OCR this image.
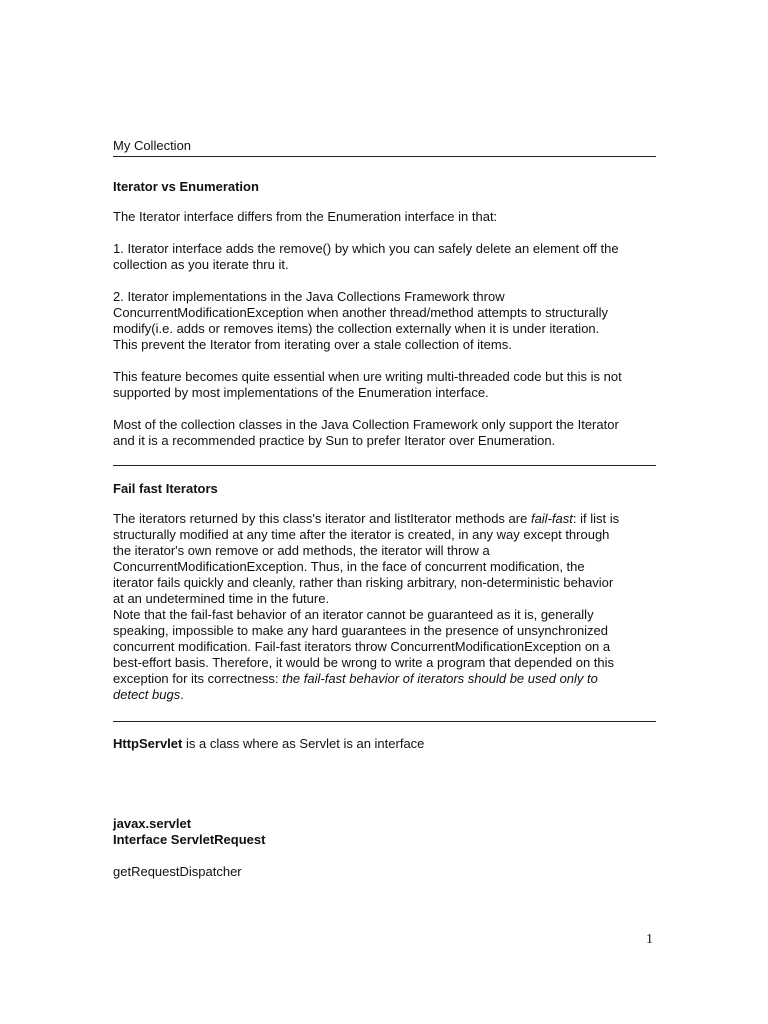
My Collection

Iterator vs Enumeration

The Iterator interface differs from the Enumeration interface in that:

1. Iterator interface adds the remove() by which you can safely delete an element off the

collection as you iterate thru it.

2. Iterator implementations in the Java Collections Framework throw

ConcurrentModificationException when another thread/method attempts to structurally

modify(i.e. adds or removes items) the collection externally when it is under iteration.

This prevent the Iterator from iterating over a stale collection of items.

This feature becomes quite essential when ure writing multi-threaded code but this is not

supported by most implementations of the Enumeration interface.

Most of the collection classes in the Java Collection Framework only support the Iterator

and it is a recommended practice by Sun to prefer Iterator over Enumeration.

Fail fast Iterators

The iterators returned by this class's iterator and listIterator methods are fail-fast: if list is

structurally modified at any time after the iterator is created, in any way except through

the iterator's own remove or add methods, the iterator will throw a

ConcurrentModificationException. Thus, in the face of concurrent modification, the

iterator fails quickly and cleanly, rather than risking arbitrary, non-deterministic behavior

at an undetermined time in the future.

Note that the fail-fast behavior of an iterator cannot be guaranteed as it is, generally

speaking, impossible to make any hard guarantees in the presence of unsynchronized

concurrent modification. Fail-fast iterators throw ConcurrentModificationException on a

best-effort basis. Therefore, it would be wrong to write a program that depended on this

exception for its correctness: the fail-fast behavior of iterators should be used only to

detect bugs.

HttpServlet is a class where as Servlet is an interface

javax.servlet

Interface ServletRequest

getRequestDispatcher

1
